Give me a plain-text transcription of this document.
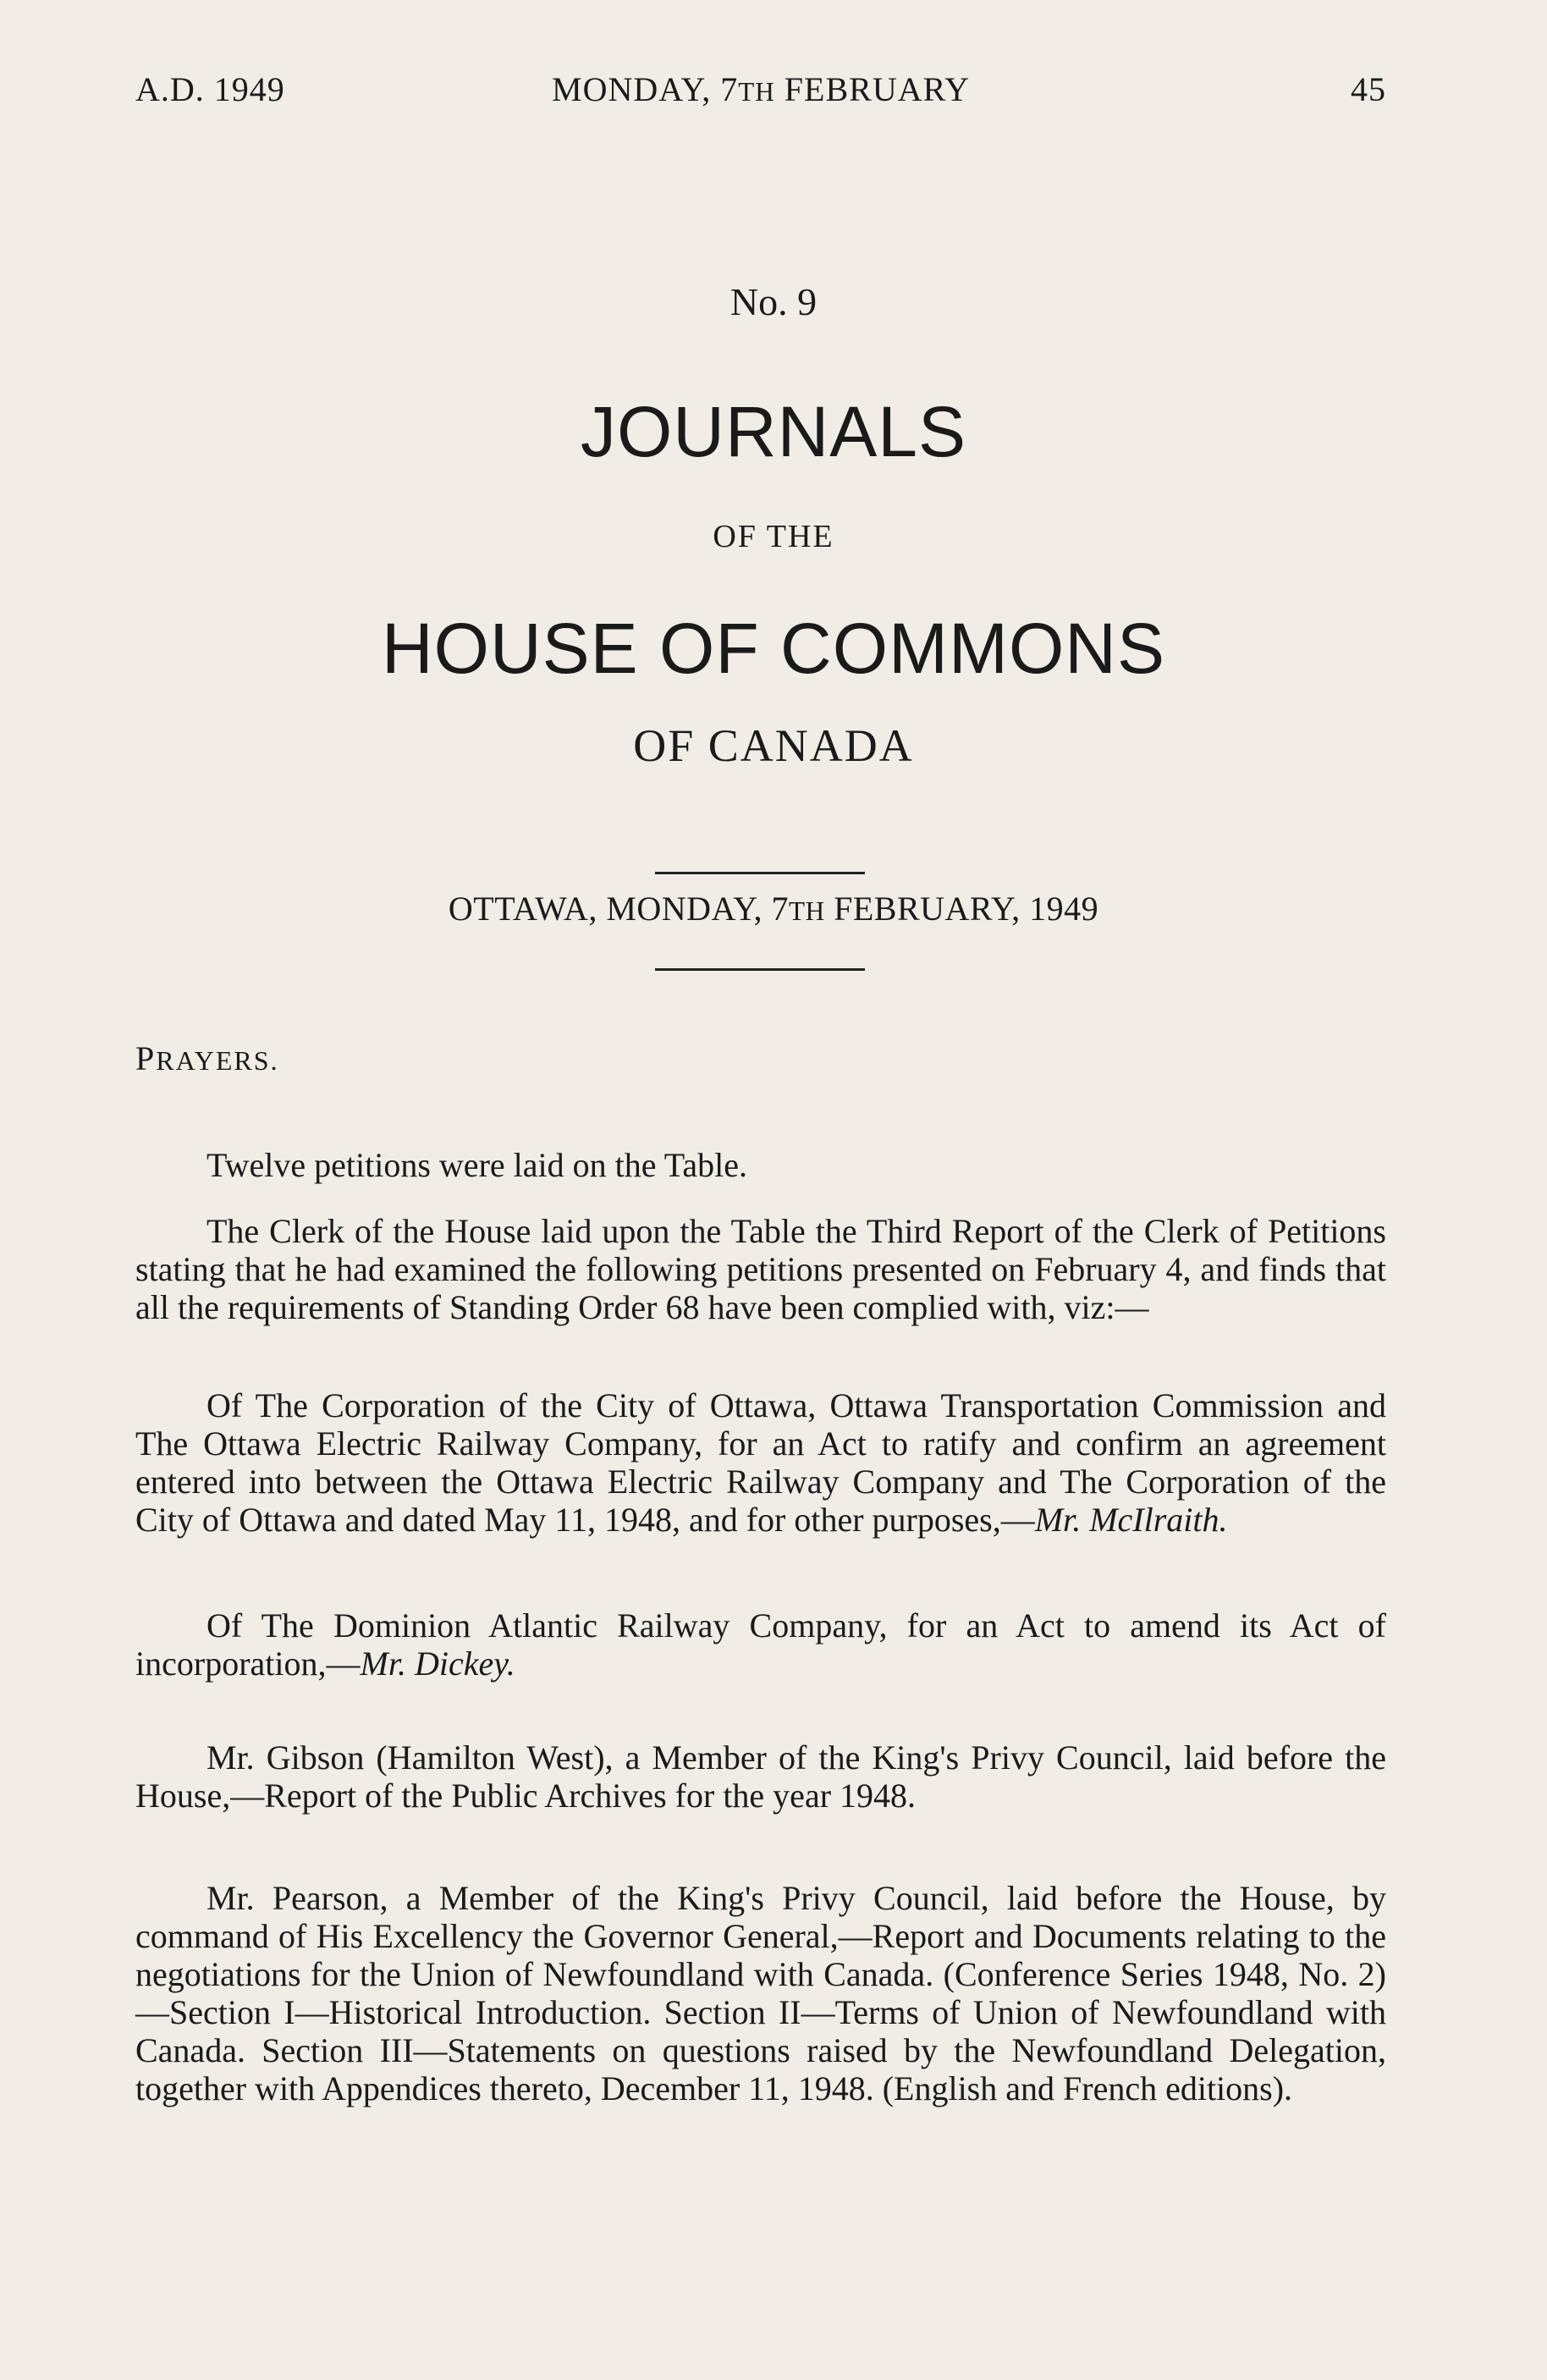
A.D. 1949	MONDAY, 7TH FEBRUARY	45
No. 9
JOURNALS
OF THE
HOUSE OF COMMONS
OF CANADA
OTTAWA, MONDAY, 7TH FEBRUARY, 1949
PRAYERS.

Twelve petitions were laid on the Table.

The Clerk of the House laid upon the Table the Third Report of the Clerk of Petitions stating that he had examined the following petitions presented on February 4, and finds that all the requirements of Standing Order 68 have been complied with, viz:—

Of The Corporation of the City of Ottawa, Ottawa Transportation Commission and The Ottawa Electric Railway Company, for an Act to ratify and confirm an agreement entered into between the Ottawa Electric Railway Company and The Corporation of the City of Ottawa and dated May 11, 1948, and for other purposes,—Mr. McIlraith.

Of The Dominion Atlantic Railway Company, for an Act to amend its Act of incorporation,—Mr. Dickey.

Mr. Gibson (Hamilton West), a Member of the King's Privy Council, laid before the House,—Report of the Public Archives for the year 1948.

Mr. Pearson, a Member of the King's Privy Council, laid before the House, by command of His Excellency the Governor General,—Report and Documents relating to the negotiations for the Union of Newfoundland with Canada. (Conference Series 1948, No. 2)—Section I—Historical Introduction. Section II—Terms of Union of Newfoundland with Canada. Section III—Statements on questions raised by the Newfoundland Delegation, together with Appendices thereto, December 11, 1948. (English and French editions).
